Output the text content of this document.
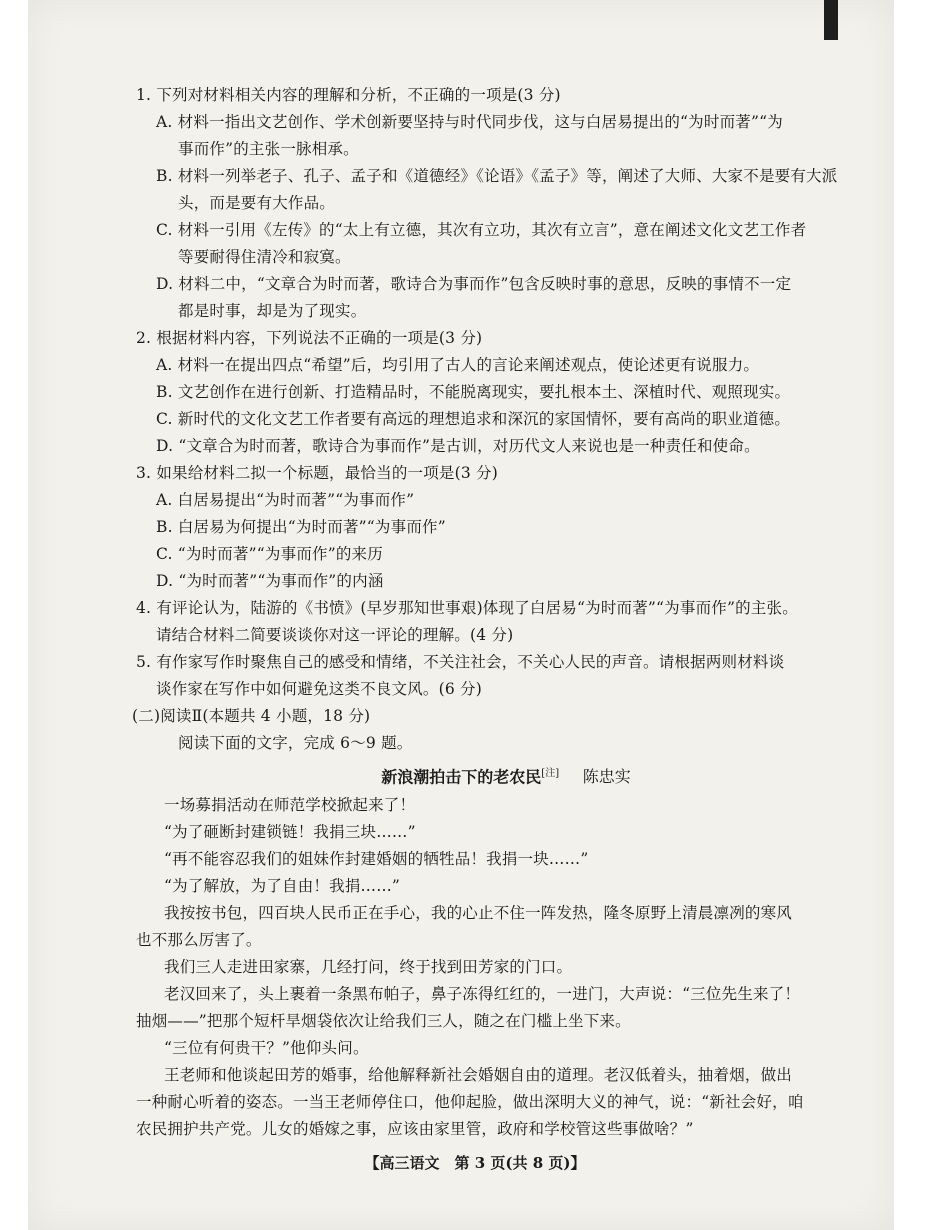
1. 下列对材料相关内容的理解和分析，不正确的一项是(3 分)
A. 材料一指出文艺创作、学术创新要坚持与时代同步伐，这与白居易提出的“为时而著”“为
事而作”的主张一脉相承。
B. 材料一列举老子、孔子、孟子和《道德经》《论语》《孟子》等，阐述了大师、大家不是要有大派
头，而是要有大作品。
C. 材料一引用《左传》的“太上有立德，其次有立功，其次有立言”，意在阐述文化文艺工作者
等要耐得住清冷和寂寞。
D. 材料二中，“文章合为时而著，歌诗合为事而作”包含反映时事的意思，反映的事情不一定
都是时事，却是为了现实。
2. 根据材料内容，下列说法不正确的一项是(3 分)
A. 材料一在提出四点“希望”后，均引用了古人的言论来阐述观点，使论述更有说服力。
B. 文艺创作在进行创新、打造精品时，不能脱离现实，要扎根本土、深植时代、观照现实。
C. 新时代的文化文艺工作者要有高远的理想追求和深沉的家国情怀，要有高尚的职业道德。
D. “文章合为时而著，歌诗合为事而作”是古训，对历代文人来说也是一种责任和使命。
3. 如果给材料二拟一个标题，最恰当的一项是(3 分)
A. 白居易提出“为时而著”“为事而作”
B. 白居易为何提出“为时而著”“为事而作”
C. “为时而著”“为事而作”的来历
D. “为时而著”“为事而作”的内涵
4. 有评论认为，陆游的《书愤》(早岁那知世事艰)体现了白居易“为时而著”“为事而作”的主张。
请结合材料二简要谈谈你对这一评论的理解。(4 分)
5. 有作家写作时聚焦自己的感受和情绪，不关注社会，不关心人民的声音。请根据两则材料谈
谈作家在写作中如何避免这类不良文风。(6 分)
(二)阅读Ⅱ(本题共 4 小题，18 分)
阅读下面的文字，完成 6～9 题。
新浪潮拍击下的老农民[注] 陈忠实
一场募捐活动在师范学校掀起来了！
“为了砸断封建锁链！我捐三块……”
“再不能容忍我们的姐妹作封建婚姻的牺牲品！我捐一块……”
“为了解放，为了自由！我捐……”
我按按书包，四百块人民币正在手心，我的心止不住一阵发热，隆冬原野上清晨凛冽的寒风
也不那么厉害了。
我们三人走进田家寨，几经打问，终于找到田芳家的门口。
老汉回来了，头上裹着一条黑布帕子，鼻子冻得红红的，一进门，大声说：“三位先生来了！
抽烟——”把那个短杆旱烟袋依次让给我们三人，随之在门槛上坐下来。
“三位有何贵干？”他仰头问。
王老师和他谈起田芳的婚事，给他解释新社会婚姻自由的道理。老汉低着头，抽着烟，做出
一种耐心听着的姿态。一当王老师停住口，他仰起脸，做出深明大义的神气，说：“新社会好，咱
农民拥护共产党。儿女的婚嫁之事，应该由家里管，政府和学校管这些事做啥？”
【高三语文　第 3 页(共 8 页)】
